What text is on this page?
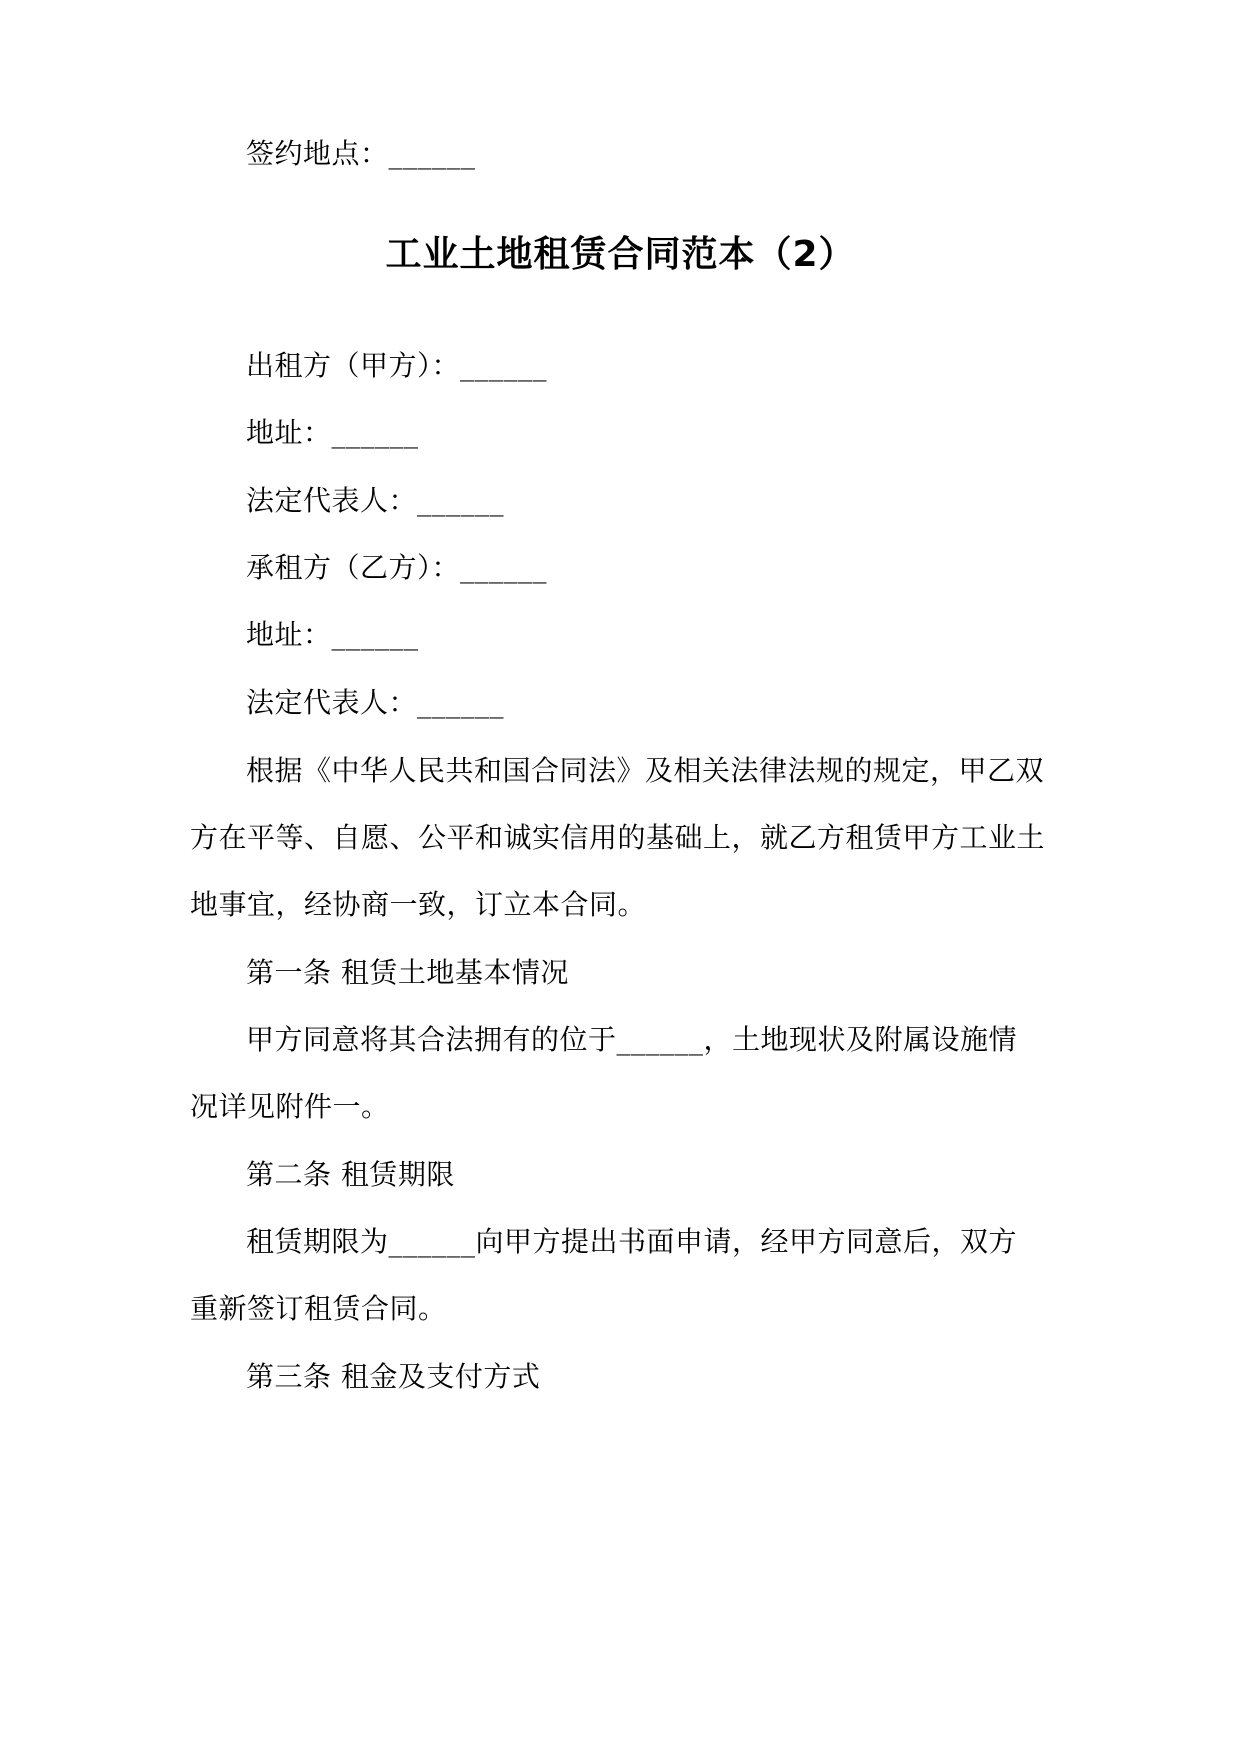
签约地点：______
工业土地租赁合同范本（2）
出租方（甲方）：______
地址：______
法定代表人：______
承租方（乙方）：______
地址：______
法定代表人：______
根据《中华人民共和国合同法》及相关法律法规的规定，甲乙双
方在平等、自愿、公平和诚实信用的基础上，就乙方租赁甲方工业土
地事宜，经协商一致，订立本合同。
第一条 租赁土地基本情况
甲方同意将其合法拥有的位于______，土地现状及附属设施情
况详见附件一。
第二条 租赁期限
租赁期限为______向甲方提出书面申请，经甲方同意后，双方
重新签订租赁合同。
第三条 租金及支付方式
